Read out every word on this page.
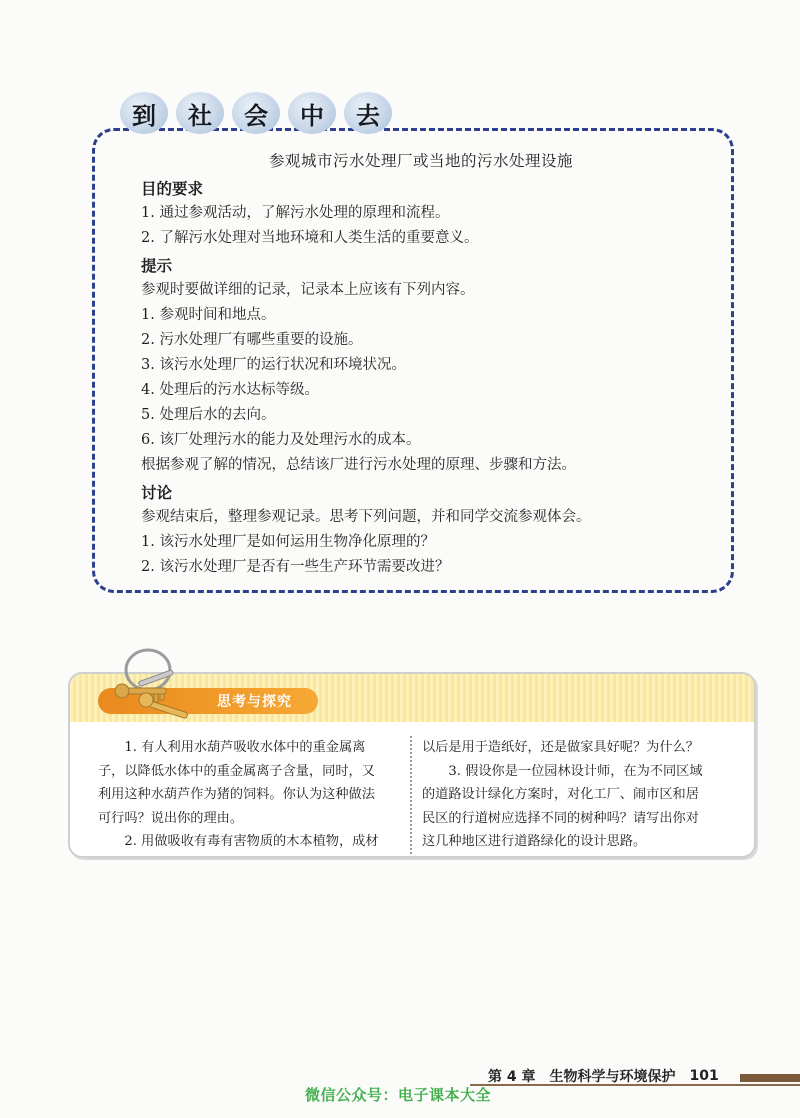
到	社	会	中	去
参观城市污水处理厂或当地的污水处理设施
目的要求

1. 通过参观活动，了解污水处理的原理和流程。

2. 了解污水处理对当地环境和人类生活的重要意义。

提示

参观时要做详细的记录，记录本上应该有下列内容。

1. 参观时间和地点。

2. 污水处理厂有哪些重要的设施。

3. 该污水处理厂的运行状况和环境状况。

4. 处理后的污水达标等级。

5. 处理后水的去向。

6. 该厂处理污水的能力及处理污水的成本。

根据参观了解的情况，总结该厂进行污水处理的原理、步骤和方法。

讨论

参观结束后，整理参观记录。思考下列问题，并和同学交流参观体会。

1. 该污水处理厂是如何运用生物净化原理的？

2. 该污水处理厂是否有一些生产环节需要改进？

思考与探究

1. 有人利用水葫芦吸收水体中的重金属离

子，以降低水体中的重金属离子含量，同时，又

利用这种水葫芦作为猪的饲料。你认为这种做法

可行吗？说出你的理由。

2. 用做吸收有毒有害物质的木本植物，成材

以后是用于造纸好，还是做家具好呢？为什么？

3. 假设你是一位园林设计师，在为不同区域

的道路设计绿化方案时，对化工厂、闹市区和居

民区的行道树应选择不同的树种吗？请写出你对

这几种地区进行道路绿化的设计思路。

第 4 章 生物科学与环境保护 101
微信公众号：电子课本大全
